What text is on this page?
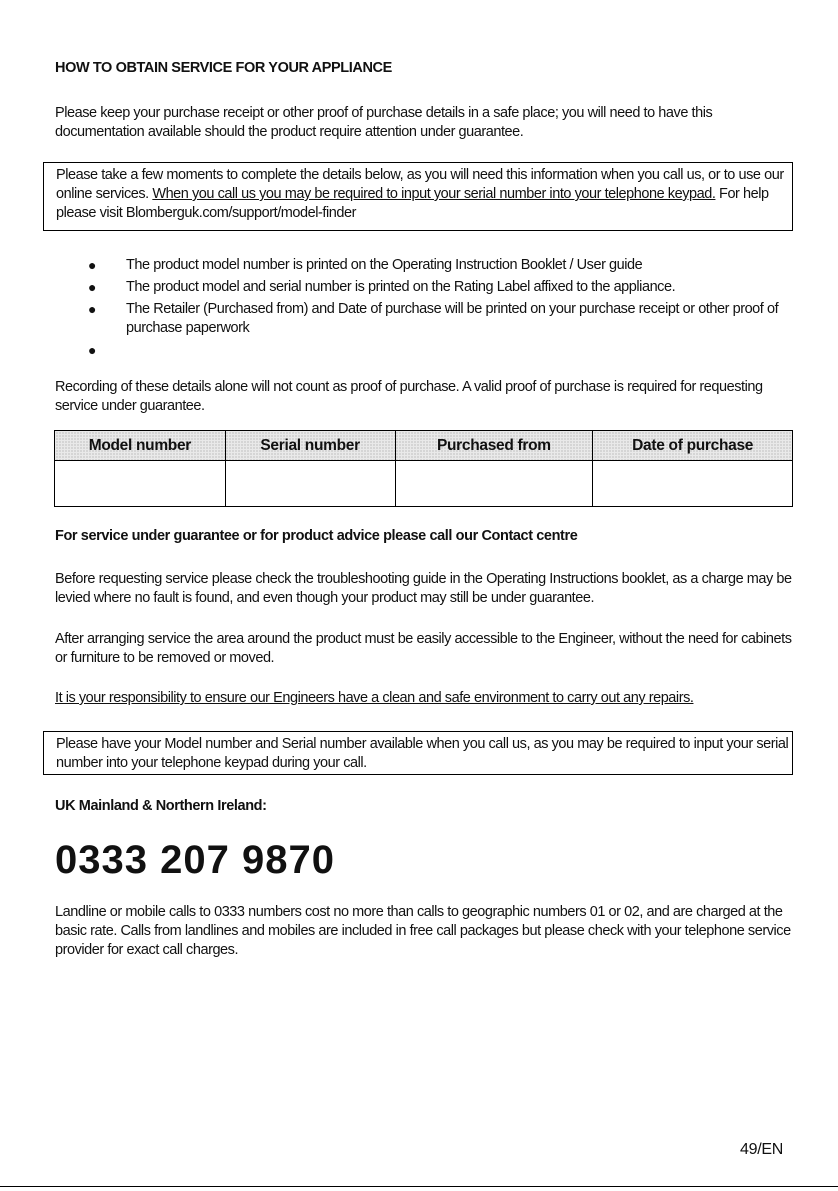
HOW TO OBTAIN SERVICE FOR YOUR APPLIANCE
Please keep your purchase receipt or other proof of purchase details in a safe place; you will need to have this documentation available should the product require attention under guarantee.
Please take a few moments to complete the details below, as you will need this information when you call us, or to use our online services. When you call us you may be required to input your serial number into your telephone keypad. For help please visit Blomberguk.com/support/model-finder
● The product model number is printed on the Operating Instruction Booklet / User guide
● The product model and serial number is printed on the Rating Label affixed to the appliance.
● The Retailer (Purchased from) and Date of purchase will be printed on your purchase receipt or other proof of purchase paperwork
●
Recording of these details alone will not count as proof of purchase. A valid proof of purchase is required for requesting service under guarantee.
Model number	Serial number	Purchased from	Date of purchase

For service under guarantee or for product advice please call our Contact centre
Before requesting service please check the troubleshooting guide in the Operating Instructions booklet, as a charge may be levied where no fault is found, and even though your product may still be under guarantee.
After arranging service the area around the product must be easily accessible to the Engineer, without the need for cabinets or furniture to be removed or moved.
It is your responsibility to ensure our Engineers have a clean and safe environment to carry out any repairs.
Please have your Model number and Serial number available when you call us, as you may be required to input your serial number into your telephone keypad during your call.
UK Mainland & Northern Ireland:
0333 207 9870
Landline or mobile calls to 0333 numbers cost no more than calls to geographic numbers 01 or 02, and are charged at the basic rate. Calls from landlines and mobiles are included in free call packages but please check with your telephone service provider for exact call charges.
49/EN
